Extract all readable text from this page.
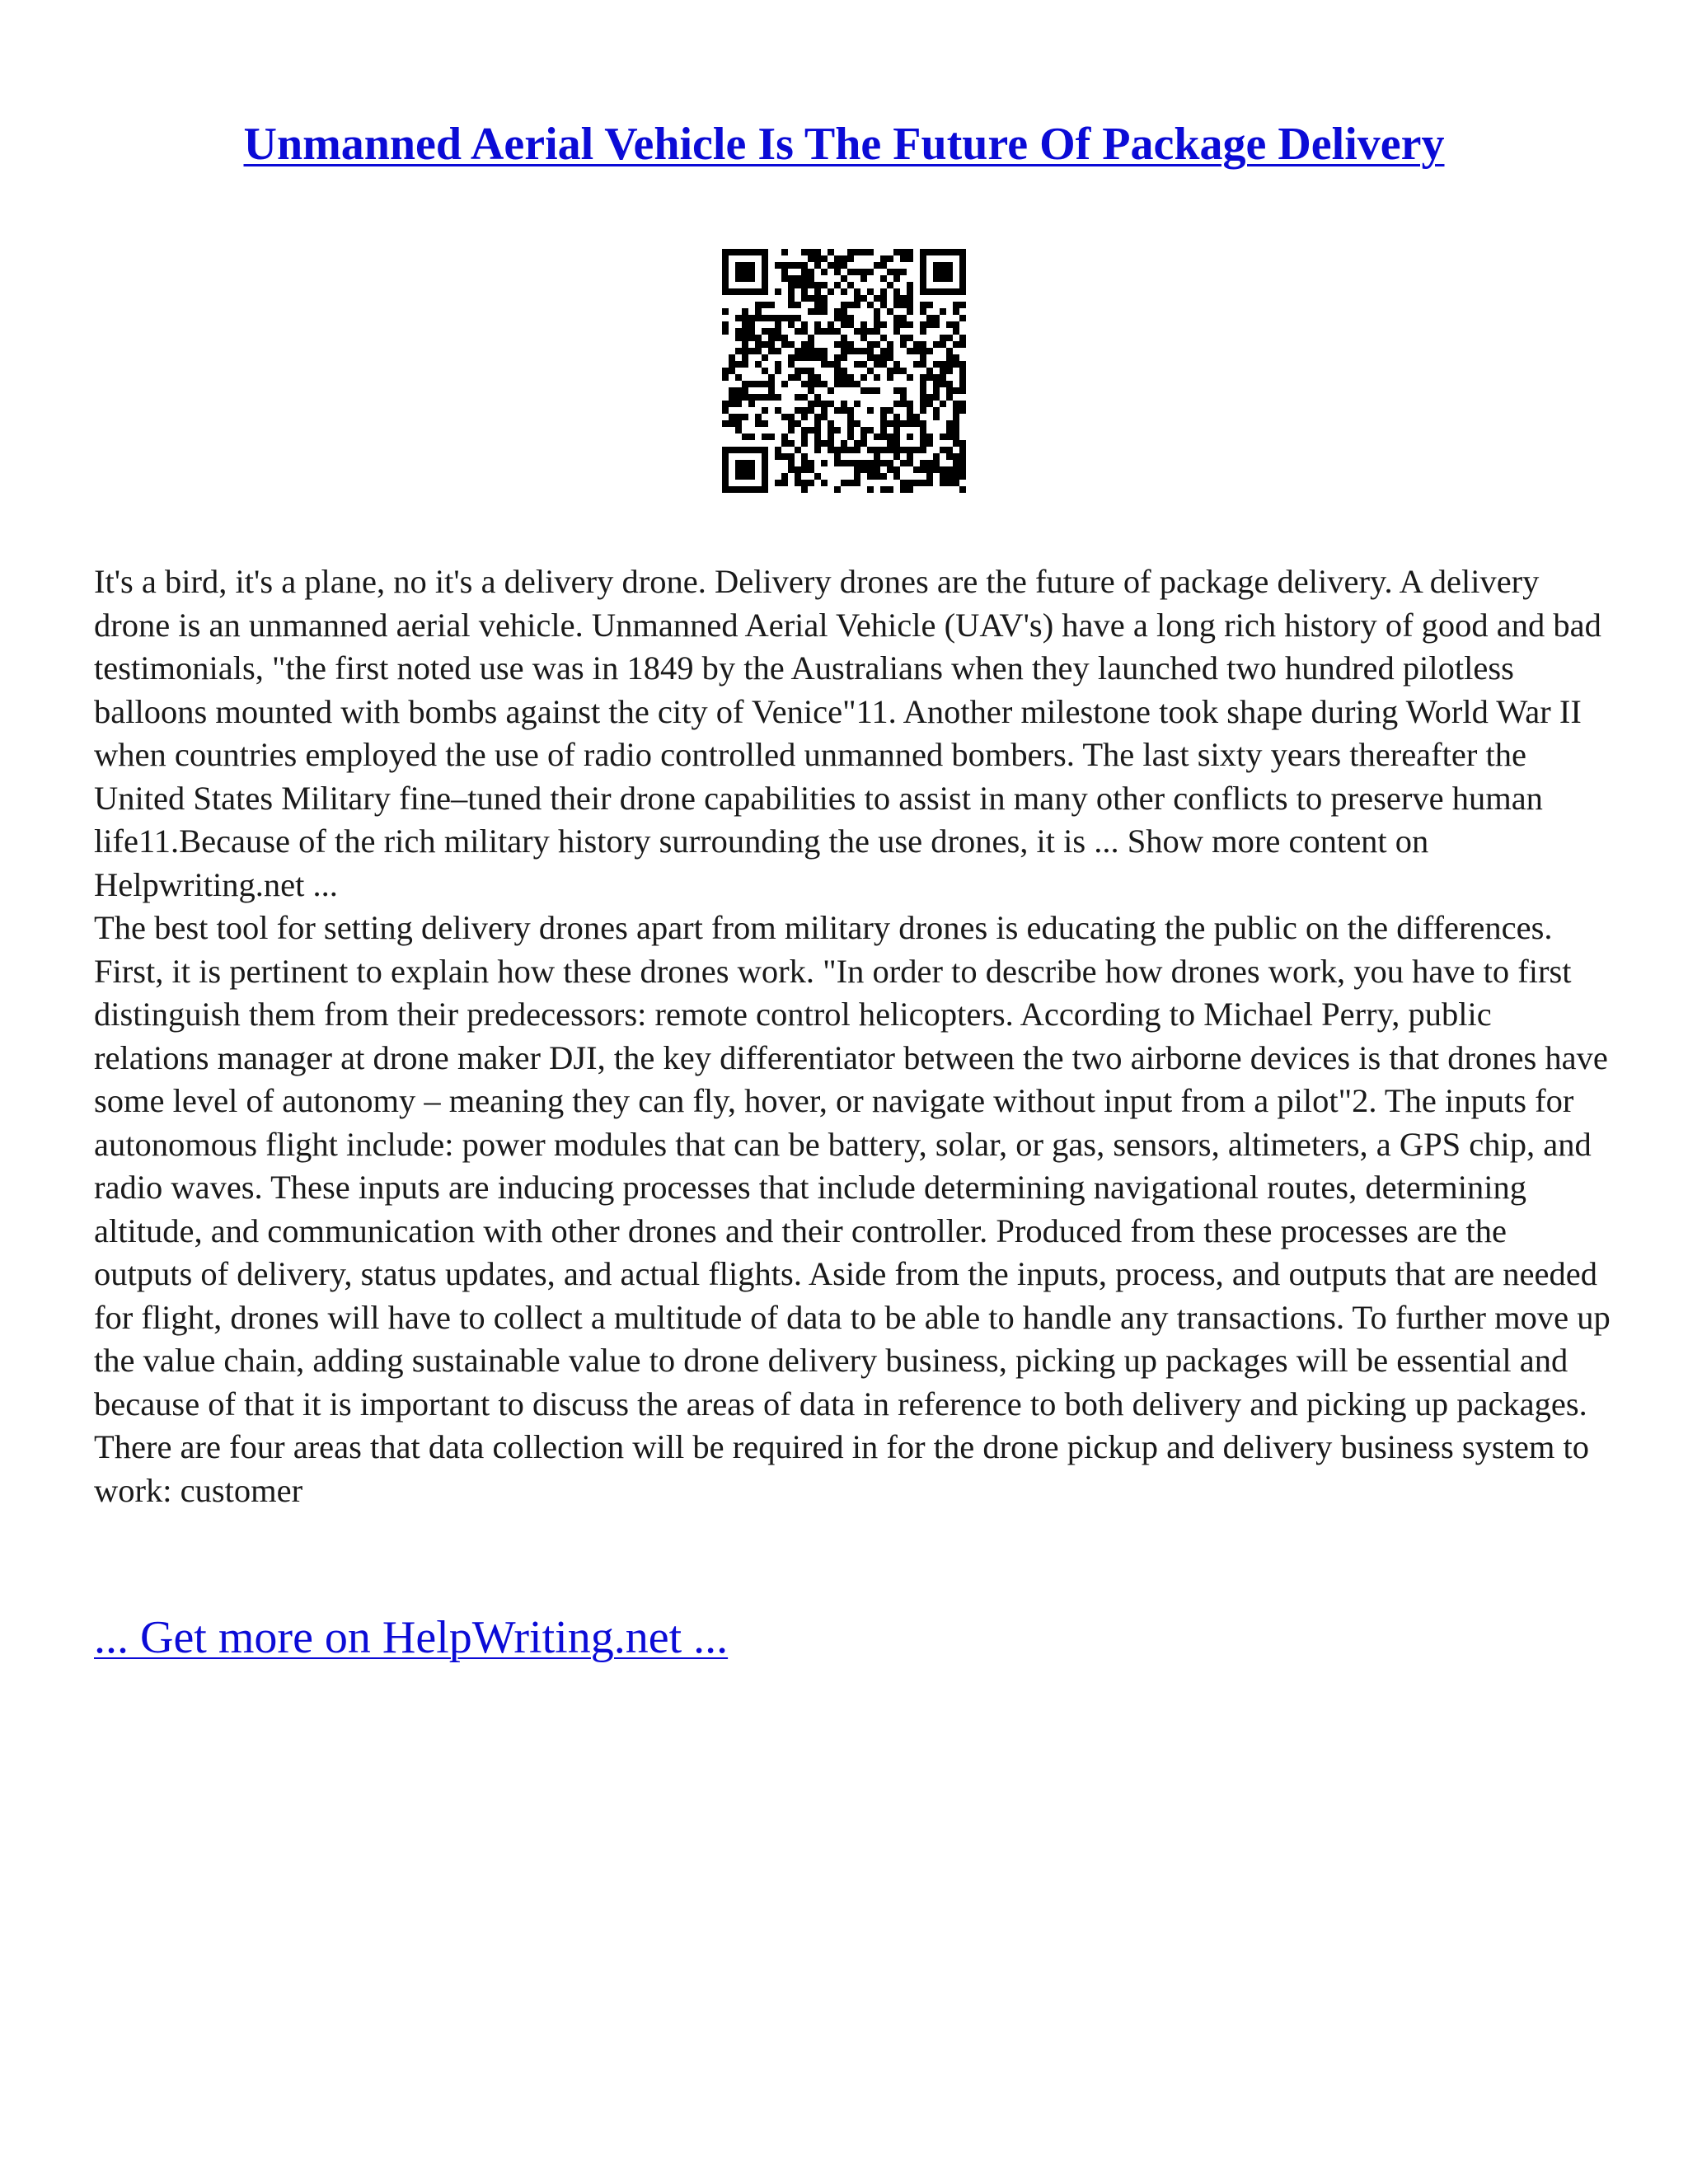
Unmanned Aerial Vehicle Is The Future Of Package Delivery

It's a bird, it's a plane, no it's a delivery drone. Delivery drones are the future of package delivery. A delivery drone is an unmanned aerial vehicle. Unmanned Aerial Vehicle (UAV's) have a long rich history of good and bad testimonials, "the first noted use was in 1849 by the Australians when they launched two hundred pilotless balloons mounted with bombs against the city of Venice"11. Another milestone took shape during World War II when countries employed the use of radio controlled unmanned bombers. The last sixty years thereafter the United States Military fine–tuned their drone capabilities to assist in many other conflicts to preserve human life11.Because of the rich military history surrounding the use drones, it is ... Show more content on Helpwriting.net ...

The best tool for setting delivery drones apart from military drones is educating the public on the differences. First, it is pertinent to explain how these drones work. "In order to describe how drones work, you have to first distinguish them from their predecessors: remote control helicopters. According to Michael Perry, public relations manager at drone maker DJI, the key differentiator between the two airborne devices is that drones have some level of autonomy – meaning they can fly, hover, or navigate without input from a pilot"2. The inputs for autonomous flight include: power modules that can be battery, solar, or gas, sensors, altimeters, a GPS chip, and radio waves. These inputs are inducing processes that include determining navigational routes, determining altitude, and communication with other drones and their controller. Produced from these processes are the outputs of delivery, status updates, and actual flights. Aside from the inputs, process, and outputs that are needed for flight, drones will have to collect a multitude of data to be able to handle any transactions. To further move up the value chain, adding sustainable value to drone delivery business, picking up packages will be essential and because of that it is important to discuss the areas of data in reference to both delivery and picking up packages. There are four areas that data collection will be required in for the drone pickup and delivery business system to work: customer

... Get more on HelpWriting.net ...
